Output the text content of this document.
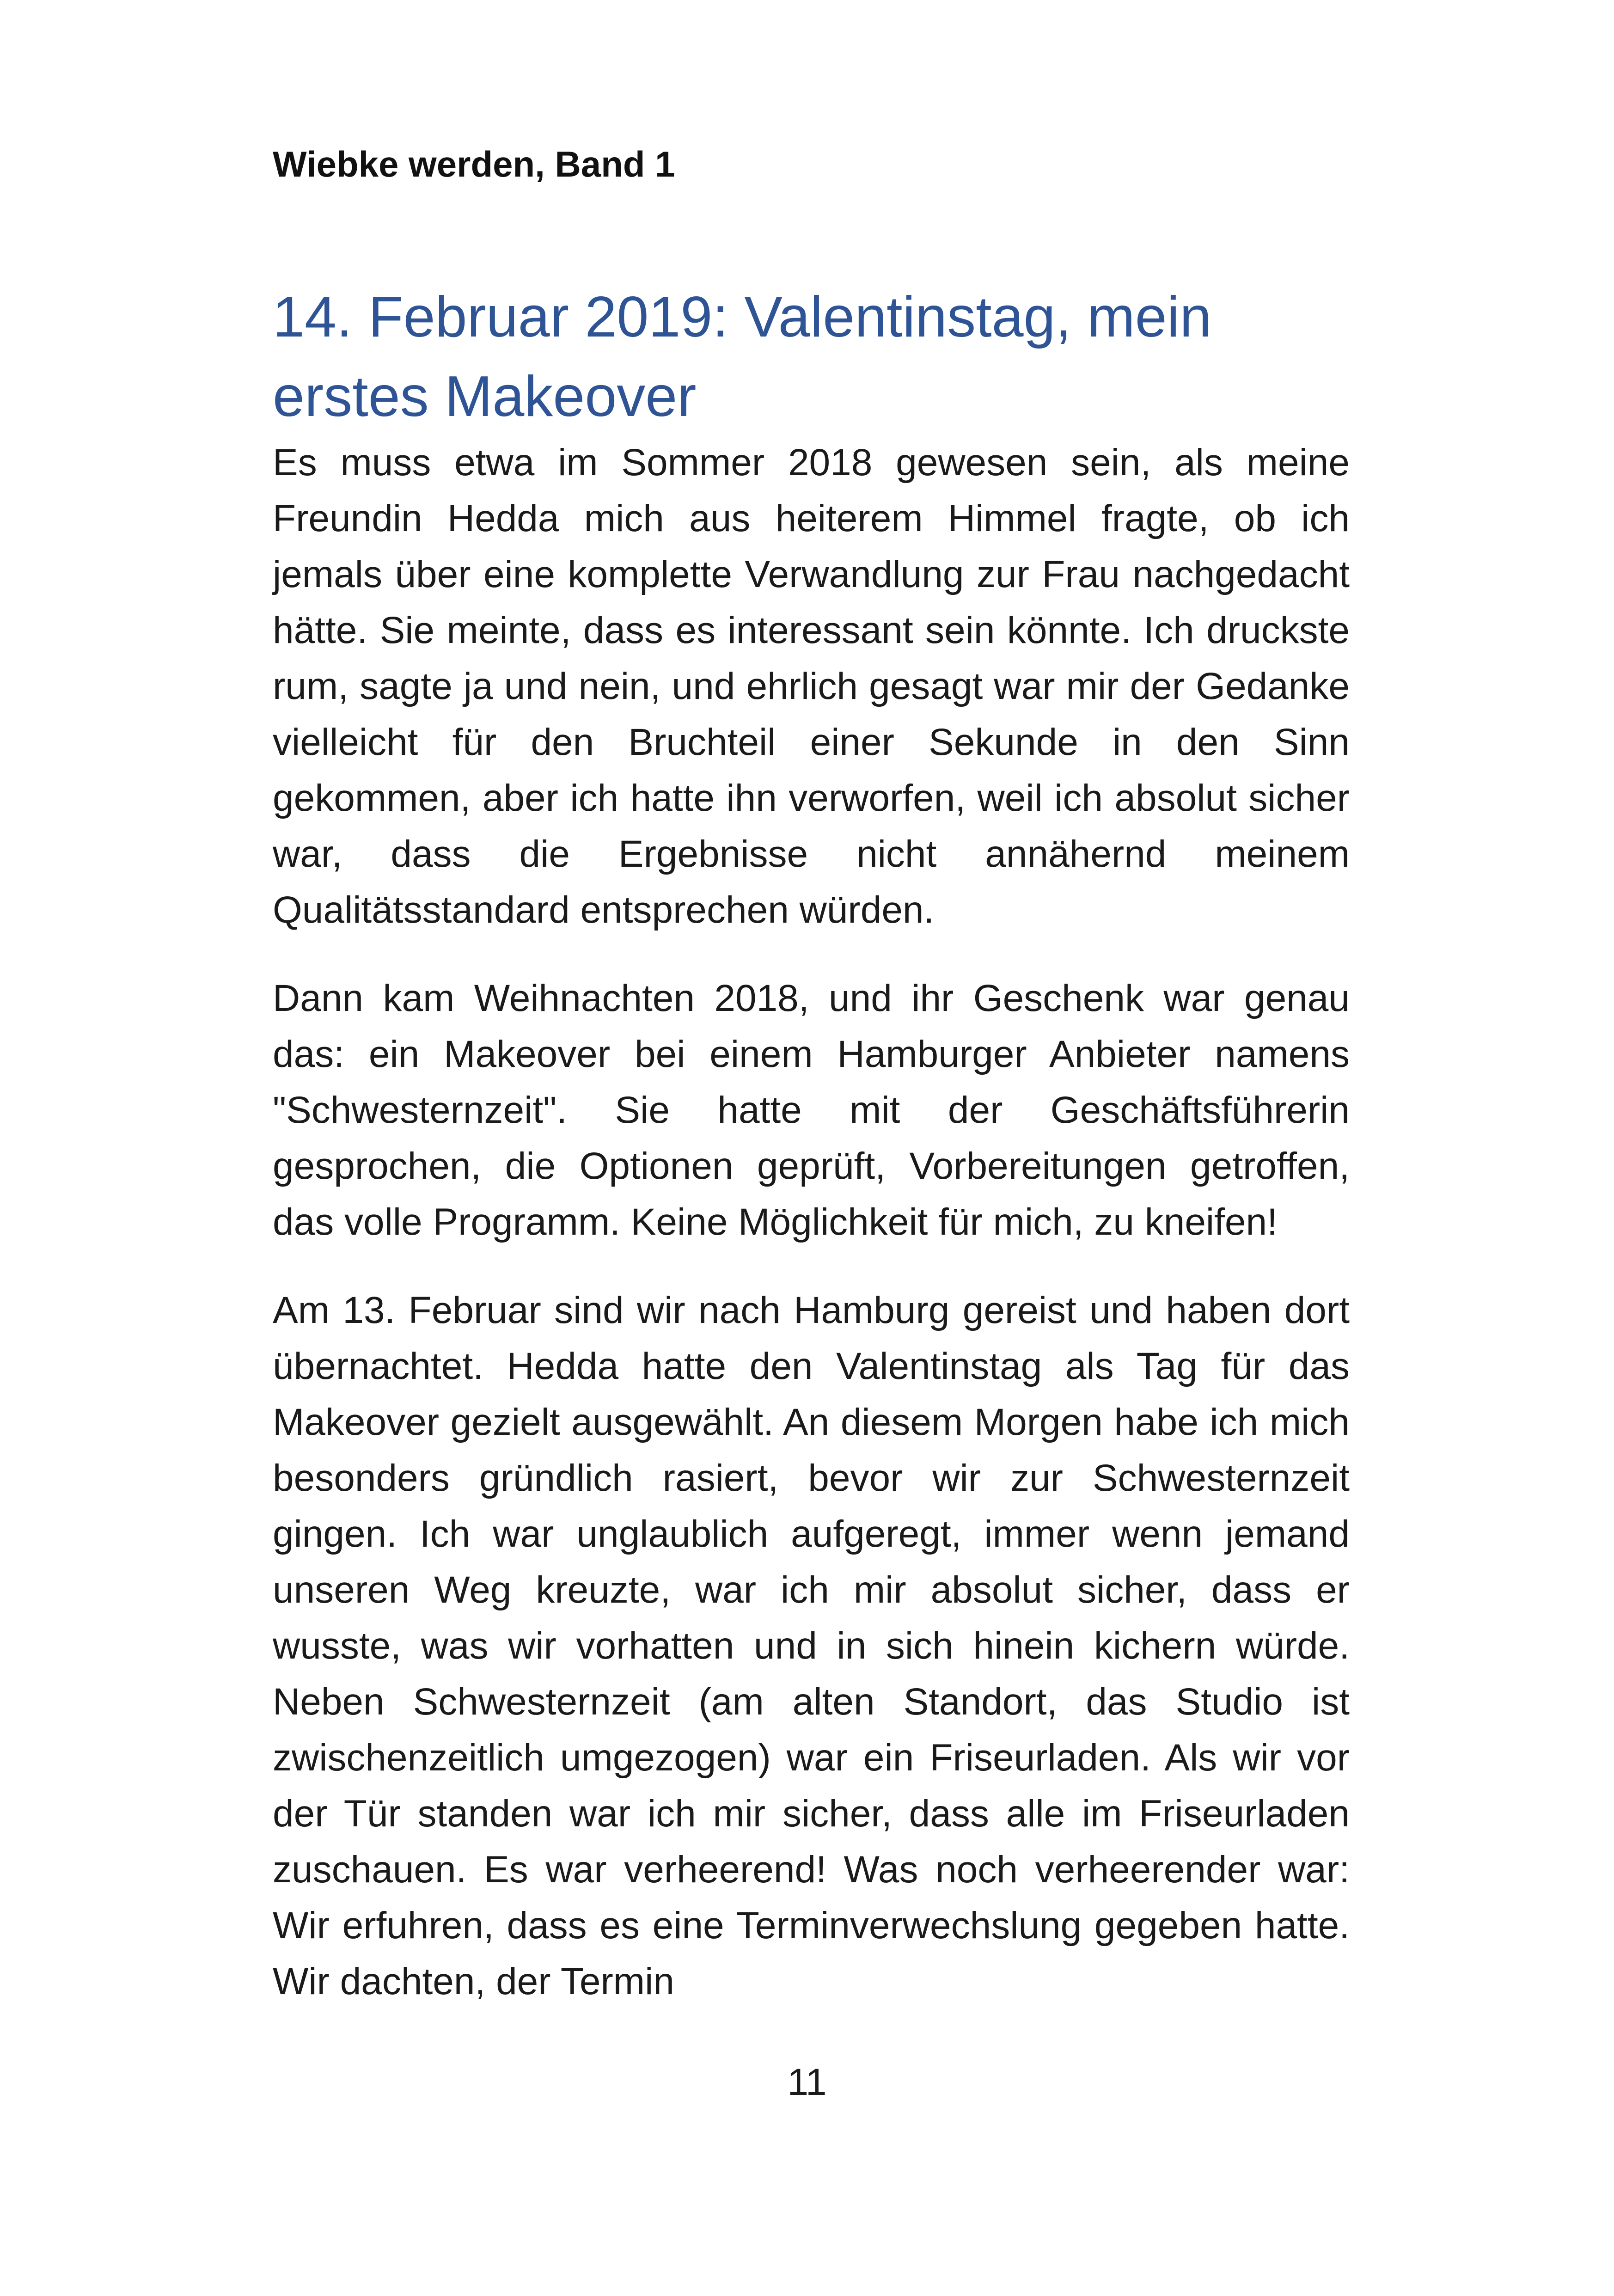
Wiebke werden, Band 1
14. Februar 2019: Valentinstag, mein erstes Makeover

Es muss etwa im Sommer 2018 gewesen sein, als meine Freundin Hedda mich aus heiterem Himmel fragte, ob ich jemals über eine komplette Verwandlung zur Frau nachgedacht hätte. Sie meinte, dass es interessant sein könnte. Ich druckste rum, sagte ja und nein, und ehrlich gesagt war mir der Gedanke vielleicht für den Bruchteil einer Sekunde in den Sinn gekommen, aber ich hatte ihn verworfen, weil ich absolut sicher war, dass die Ergebnisse nicht annähernd meinem Qualitätsstandard entsprechen würden.

Dann kam Weihnachten 2018, und ihr Geschenk war genau das: ein Makeover bei einem Hamburger Anbieter namens "Schwesternzeit". Sie hatte mit der Geschäftsführerin gesprochen, die Optionen geprüft, Vorbereitungen getroffen, das volle Programm. Keine Möglichkeit für mich, zu kneifen!

Am 13. Februar sind wir nach Hamburg gereist und haben dort übernachtet. Hedda hatte den Valentinstag als Tag für das Makeover gezielt ausgewählt. An diesem Morgen habe ich mich besonders gründlich rasiert, bevor wir zur Schwesternzeit gingen. Ich war unglaublich aufgeregt, immer wenn jemand unseren Weg kreuzte, war ich mir absolut sicher, dass er wusste, was wir vorhatten und in sich hinein kichern würde. Neben Schwesternzeit (am alten Standort, das Studio ist zwischenzeitlich umgezogen) war ein Friseurladen. Als wir vor der Tür standen war ich mir sicher, dass alle im Friseurladen zuschauen. Es war verheerend! Was noch verheerender war: Wir erfuhren, dass es eine Terminverwechslung gegeben hatte. Wir dachten, der Termin

11
